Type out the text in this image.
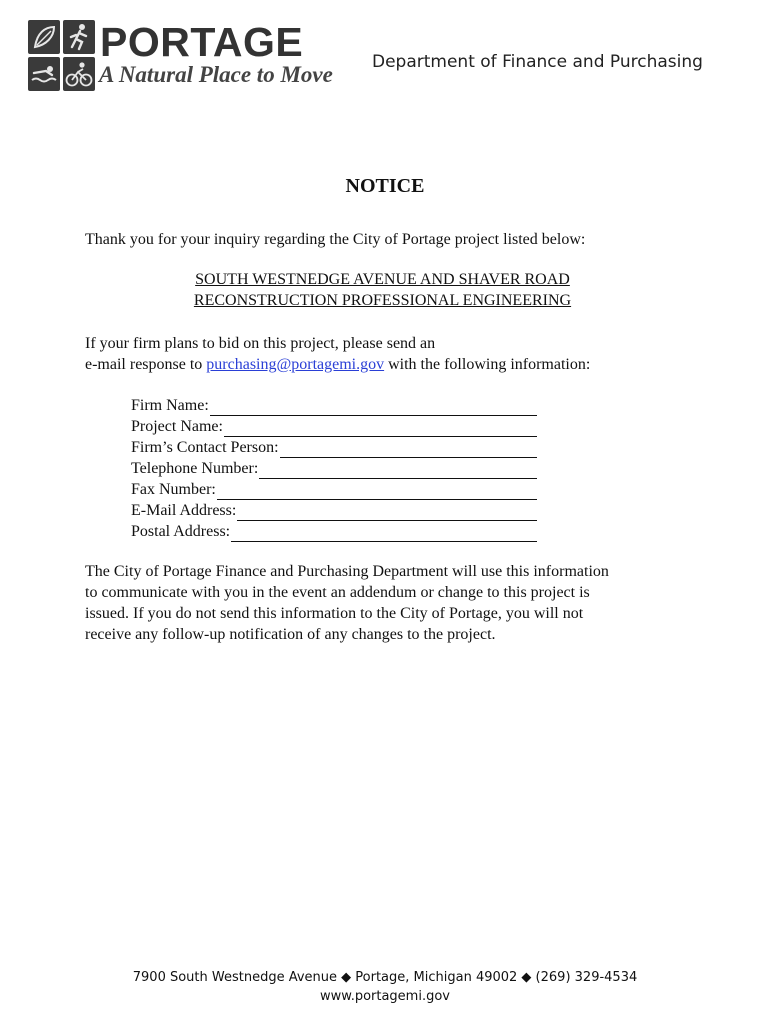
PORTAGE
A Natural Place to Move Department of Finance and Purchasing
NOTICE
Thank you for your inquiry regarding the City of Portage project listed below:
SOUTH WESTNEDGE AVENUE AND SHAVER ROAD
RECONSTRUCTION PROFESSIONAL ENGINEERING
If your firm plans to bid on this project, please send an
e-mail response to purchasing@portagemi.gov with the following information:
Firm Name:
Project Name:
Firm’s Contact Person:
Telephone Number:
Fax Number:
E-Mail Address:
Postal Address:
The City of Portage Finance and Purchasing Department will use this information
to communicate with you in the event an addendum or change to this project is
issued. If you do not send this information to the City of Portage, you will not
receive any follow-up notification of any changes to the project.
7900 South Westnedge Avenue ◆ Portage, Michigan 49002 ◆ (269) 329-4534
www.portagemi.gov
